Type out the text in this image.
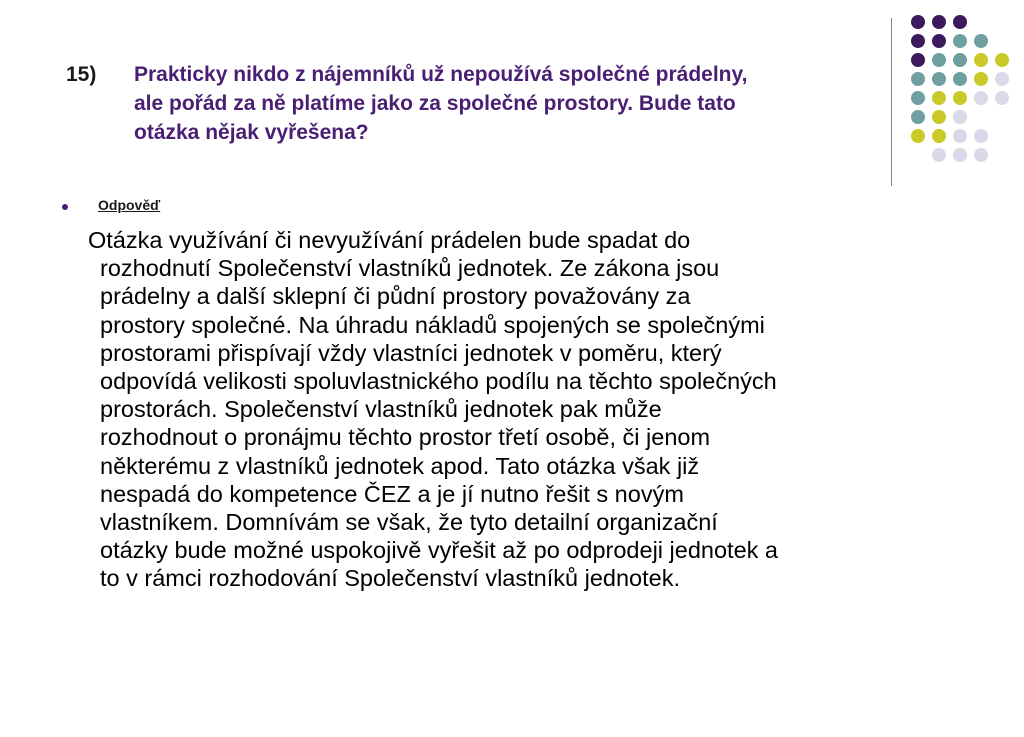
15)	Prakticky nikdo z nájemníků už nepoužívá společné prádelny,
ale pořád za ně platíme jako za společné prostory. Bude tato
otázka nějak vyřešena?
Odpověď
Otázka využívání či nevyužívání prádelen bude spadat do
rozhodnutí Společenství vlastníků jednotek. Ze zákona jsou
prádelny a další sklepní či půdní prostory považovány za
prostory společné. Na úhradu nákladů spojených se společnými
prostorami přispívají vždy vlastníci jednotek v poměru, který
odpovídá velikosti spoluvlastnického podílu na těchto společných
prostorách. Společenství vlastníků jednotek pak může
rozhodnout o pronájmu těchto prostor třetí osobě, či jenom
některému z vlastníků jednotek apod. Tato otázka však již
nespadá do kompetence ČEZ a je jí nutno řešit s novým
vlastníkem. Domnívám se však, že tyto detailní organizační
otázky bude možné uspokojivě vyřešit až po odprodeji jednotek a
to v rámci rozhodování Společenství vlastníků jednotek.
